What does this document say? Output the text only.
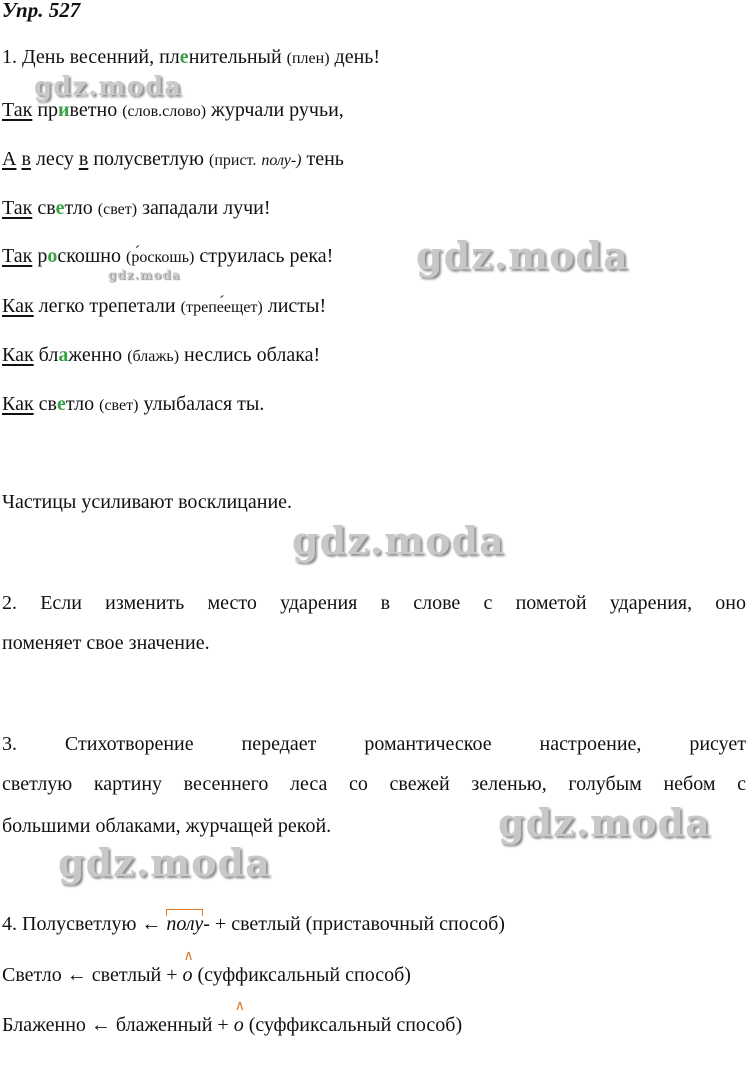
Упр. 527
1. День весенний, пленительный (плен) день!
Так приветно (слов.слово) журчали ручьи,
А в лесу в полусветлую (прист. полу-) тень
Так светло (свет) западали лучи!
Так роскошно (ро ́скошь) струилась река!
gdz.moda	gdz.moda
gdz.moda
Как легко трепетали (трепее ́щет) листы!
Как блаженно (блажь) неслись облака!
Как светло (свет) улыбалася ты.
Частицы усиливают восклицание.
gdz.moda
2. Если изменить место ударения в слове с пометой ударения, оно
поменяет свое значение.
3. Стихотворение передает романтическое настроение, рисует
светлую картину весеннего леса со свежей зеленью, голубым небом с
большими облаками, журчащей рекой.	gdz.moda
gdz.moda
4. Полусветлую ← полу- + светлый (приставочный способ)
Светло ← светлый + ∧ о (суффиксальный способ)
Блаженно ← блаженный + ∧ о (суффиксальный способ)
